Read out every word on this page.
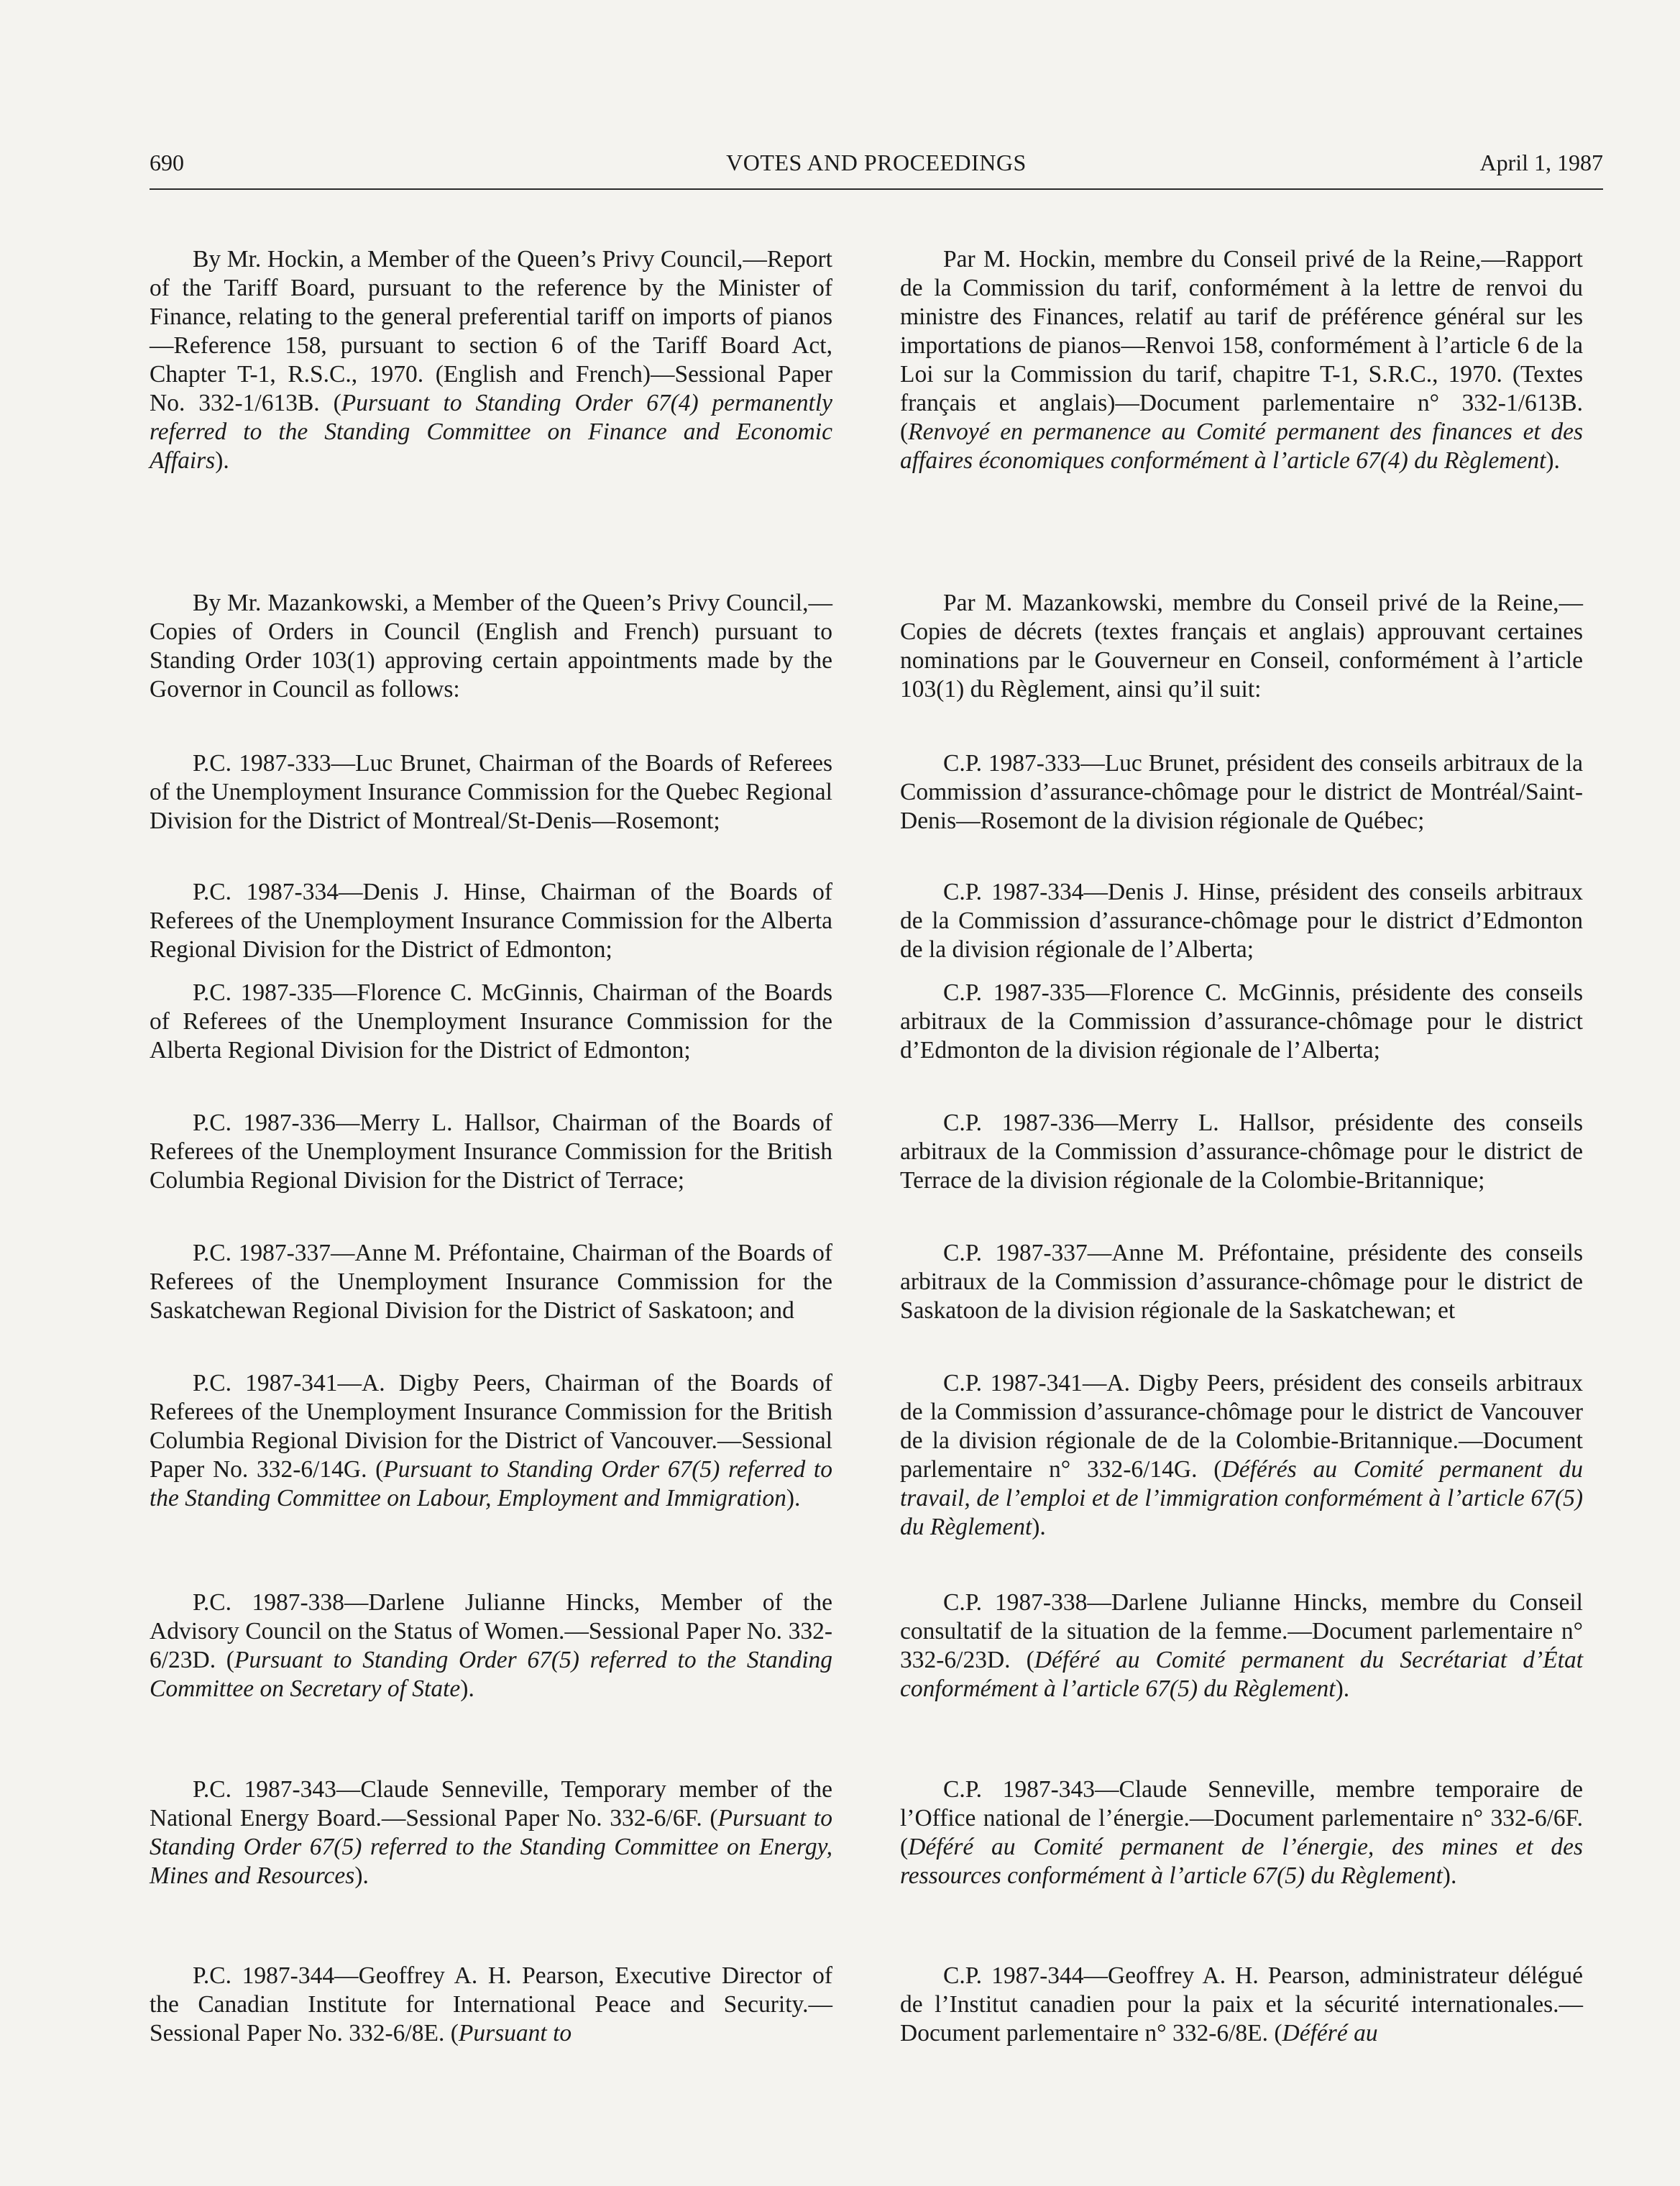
690	VOTES AND PROCEEDINGS	April 1, 1987
By Mr. Hockin, a Member of the Queen’s Privy Council,—Report of the Tariff Board, pursuant to the reference by the Minister of Finance, relating to the general preferential tariff on imports of pianos—Reference 158, pursuant to section 6 of the Tariff Board Act, Chapter T-1, R.S.C., 1970. (English and French)—Sessional Paper No. 332-1/613B. (Pursuant to Standing Order 67(4) permanently referred to the Standing Committee on Finance and Economic Affairs).
Par M. Hockin, membre du Conseil privé de la Reine,—Rapport de la Commission du tarif, conformément à la lettre de renvoi du ministre des Finances, relatif au tarif de préférence général sur les importations de pianos—Renvoi 158, conformément à l’article 6 de la Loi sur la Commission du tarif, chapitre T-1, S.R.C., 1970. (Textes français et anglais)—Document parlementaire n° 332-1/613B. (Renvoyé en permanence au Comité permanent des finances et des affaires économiques conformément à l’article 67(4) du Règlement).
By Mr. Mazankowski, a Member of the Queen’s Privy Council,—Copies of Orders in Council (English and French) pursuant to Standing Order 103(1) approving certain appointments made by the Governor in Council as follows:
Par M. Mazankowski, membre du Conseil privé de la Reine,—Copies de décrets (textes français et anglais) approuvant certaines nominations par le Gouverneur en Conseil, conformément à l’article 103(1) du Règlement, ainsi qu’il suit:
P.C. 1987-333—Luc Brunet, Chairman of the Boards of Referees of the Unemployment Insurance Commission for the Quebec Regional Division for the District of Montreal/St-Denis—Rosemont;
C.P. 1987-333—Luc Brunet, président des conseils arbitraux de la Commission d’assurance-chômage pour le district de Montréal/Saint-Denis—Rosemont de la division régionale de Québec;
P.C. 1987-334—Denis J. Hinse, Chairman of the Boards of Referees of the Unemployment Insurance Commission for the Alberta Regional Division for the District of Edmonton;
C.P. 1987-334—Denis J. Hinse, président des conseils arbitraux de la Commission d’assurance-chômage pour le district d’Edmonton de la division régionale de l’Alberta;
P.C. 1987-335—Florence C. McGinnis, Chairman of the Boards of Referees of the Unemployment Insurance Commission for the Alberta Regional Division for the District of Edmonton;
C.P. 1987-335—Florence C. McGinnis, présidente des conseils arbitraux de la Commission d’assurance-chômage pour le district d’Edmonton de la division régionale de l’Alberta;
P.C. 1987-336—Merry L. Hallsor, Chairman of the Boards of Referees of the Unemployment Insurance Commission for the British Columbia Regional Division for the District of Terrace;
C.P. 1987-336—Merry L. Hallsor, présidente des conseils arbitraux de la Commission d’assurance-chômage pour le district de Terrace de la division régionale de la Colombie-Britannique;
P.C. 1987-337—Anne M. Préfontaine, Chairman of the Boards of Referees of the Unemployment Insurance Commission for the Saskatchewan Regional Division for the District of Saskatoon; and
C.P. 1987-337—Anne M. Préfontaine, présidente des conseils arbitraux de la Commission d’assurance-chômage pour le district de Saskatoon de la division régionale de la Saskatchewan; et
P.C. 1987-341—A. Digby Peers, Chairman of the Boards of Referees of the Unemployment Insurance Commission for the British Columbia Regional Division for the District of Vancouver.—Sessional Paper No. 332-6/14G. (Pursuant to Standing Order 67(5) referred to the Standing Committee on Labour, Employment and Immigration).
C.P. 1987-341—A. Digby Peers, président des conseils arbitraux de la Commission d’assurance-chômage pour le district de Vancouver de la division régionale de de la Colombie-Britannique.—Document parlementaire n° 332-6/14G. (Déférés au Comité permanent du travail, de l’emploi et de l’immigration conformément à l’article 67(5) du Règlement).
P.C. 1987-338—Darlene Julianne Hincks, Member of the Advisory Council on the Status of Women.—Sessional Paper No. 332-6/23D. (Pursuant to Standing Order 67(5) referred to the Standing Committee on Secretary of State).
C.P. 1987-338—Darlene Julianne Hincks, membre du Conseil consultatif de la situation de la femme.—Document parlementaire n° 332-6/23D. (Déféré au Comité permanent du Secrétariat d’État conformément à l’article 67(5) du Règlement).
P.C. 1987-343—Claude Senneville, Temporary member of the National Energy Board.—Sessional Paper No. 332-6/6F. (Pursuant to Standing Order 67(5) referred to the Standing Committee on Energy, Mines and Resources).
C.P. 1987-343—Claude Senneville, membre temporaire de l’Office national de l’énergie.—Document parlementaire n° 332-6/6F. (Déféré au Comité permanent de l’énergie, des mines et des ressources conformément à l’article 67(5) du Règlement).
P.C. 1987-344—Geoffrey A. H. Pearson, Executive Director of the Canadian Institute for International Peace and Security.—Sessional Paper No. 332-6/8E. (Pursuant to
C.P. 1987-344—Geoffrey A. H. Pearson, administrateur délégué de l’Institut canadien pour la paix et la sécurité internationales.—Document parlementaire n° 332-6/8E. (Déféré au
